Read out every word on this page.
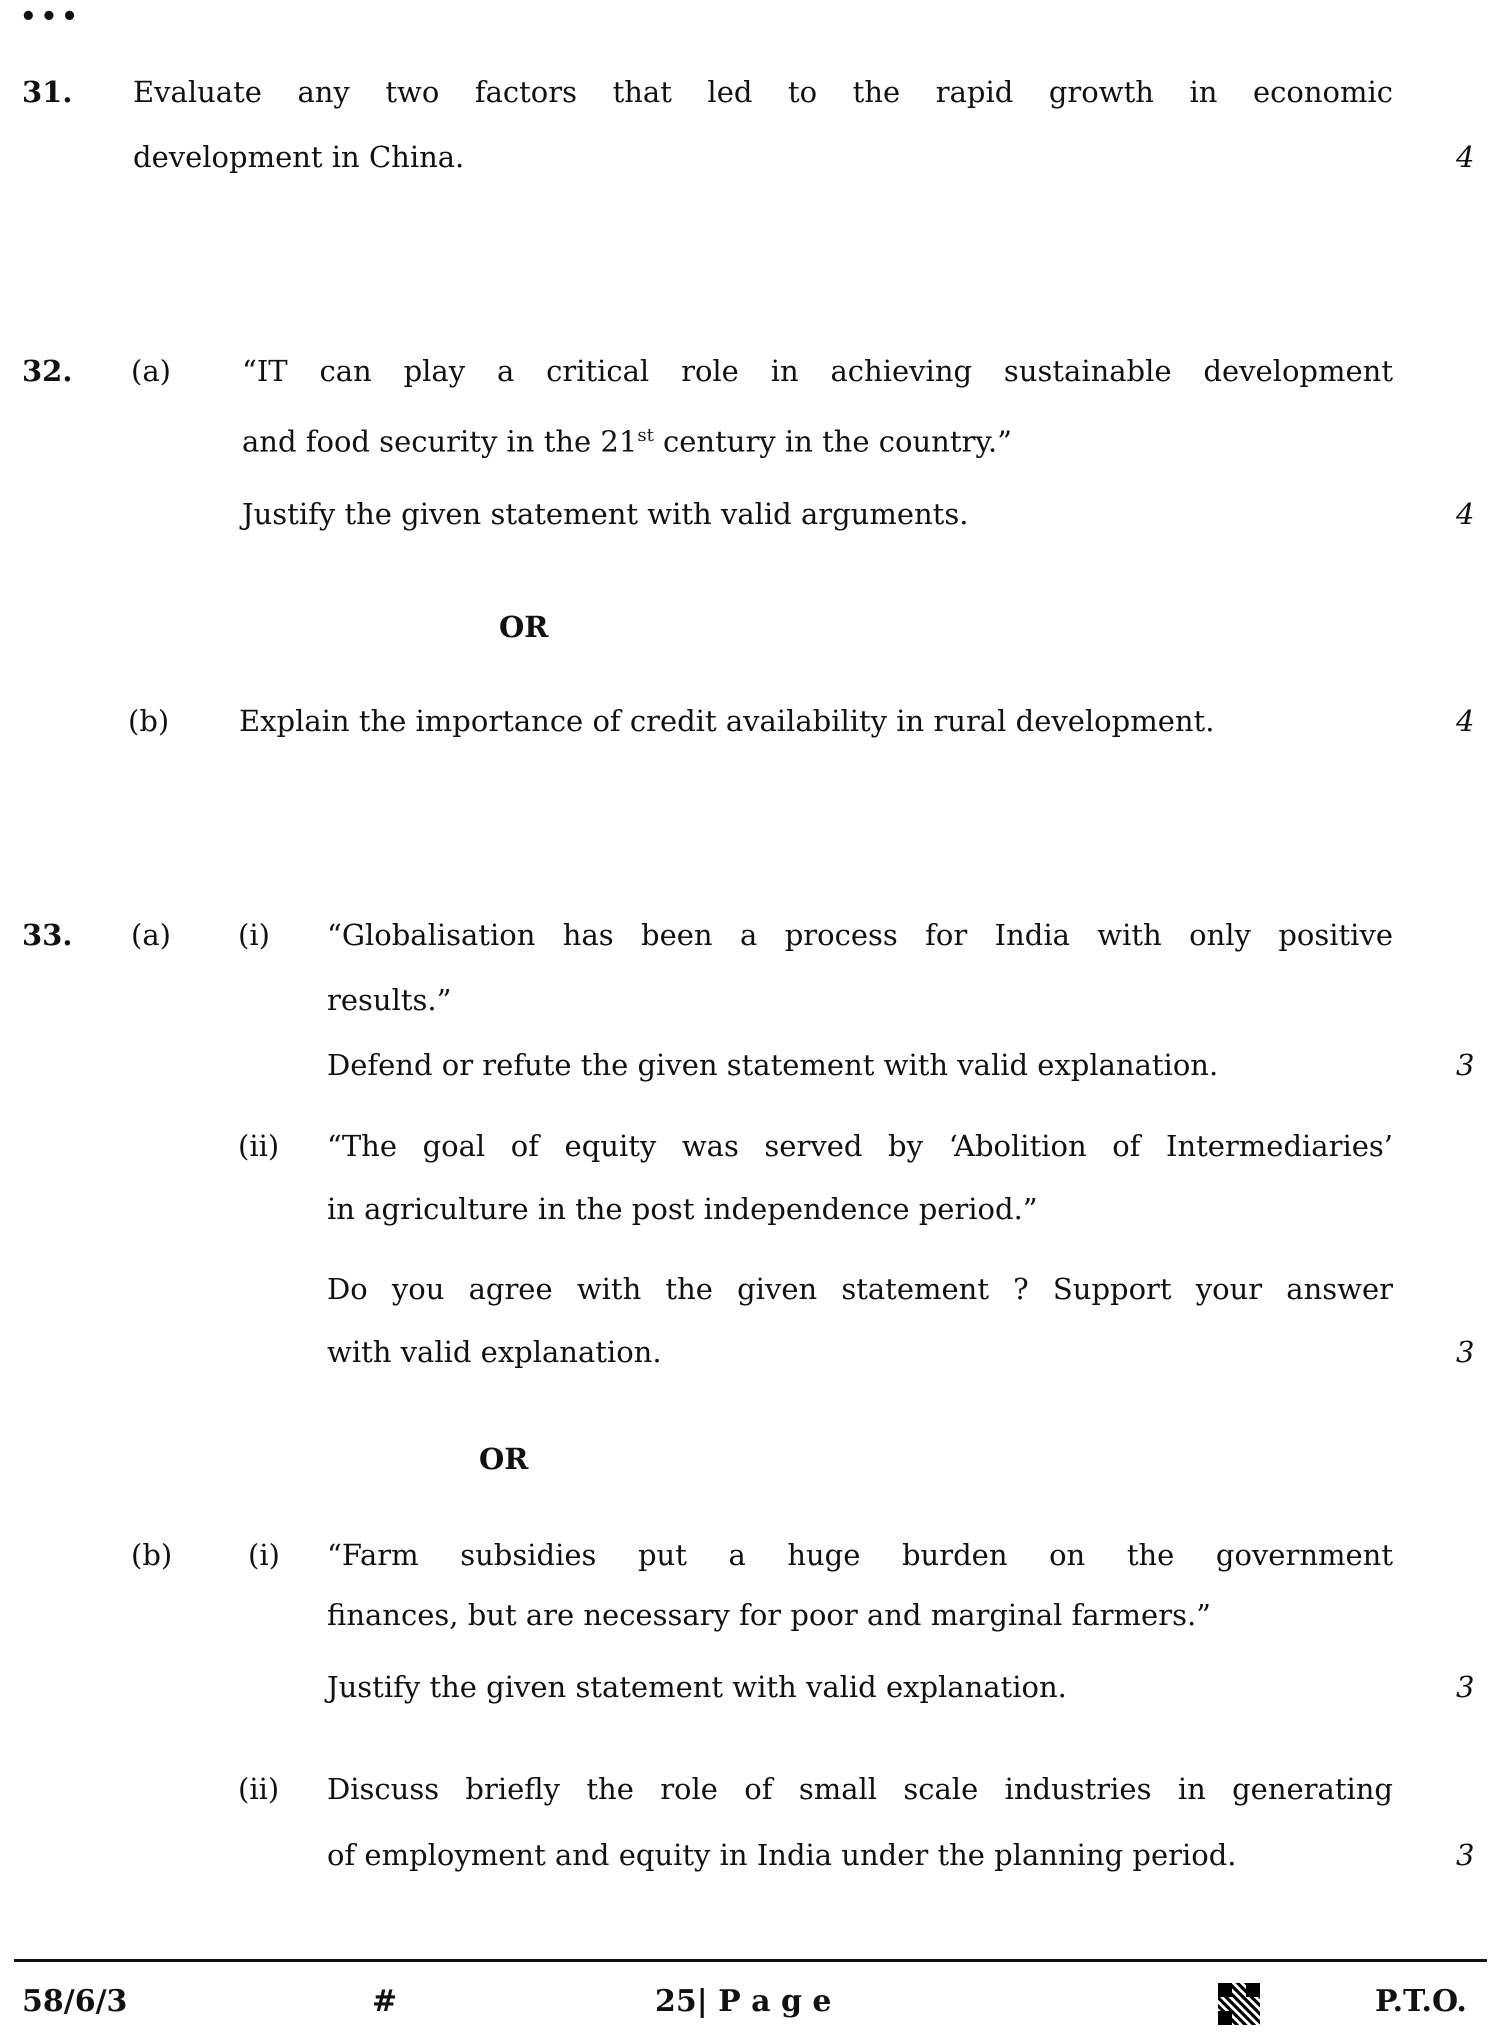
•••
31. Evaluate any two factors that led to the rapid growth in economic
development in China.	4
32. (a) “IT can play a critical role in achieving sustainable development
and food security in the 21st century in the country.”
Justify the given statement with valid arguments.	4
OR
(b) Explain the importance of credit availability in rural development.	4
33. (a) (i) “Globalisation has been a process for India with only positive
results.”
Defend or refute the given statement with valid explanation.	3
(ii) “The goal of equity was served by ‘Abolition of Intermediaries’
in agriculture in the post independence period.”
Do you agree with the given statement ? Support your answer
with valid explanation.	3
OR
(b)	(i) “Farm subsidies put a huge burden on the government
finances, but are necessary for poor and marginal farmers.”
Justify the given statement with valid explanation.	3
(ii) Discuss briefly the role of small scale industries in generating
of employment and equity in India under the planning period.	3
58/6/3	#	25| P a g e	P.T.O.
